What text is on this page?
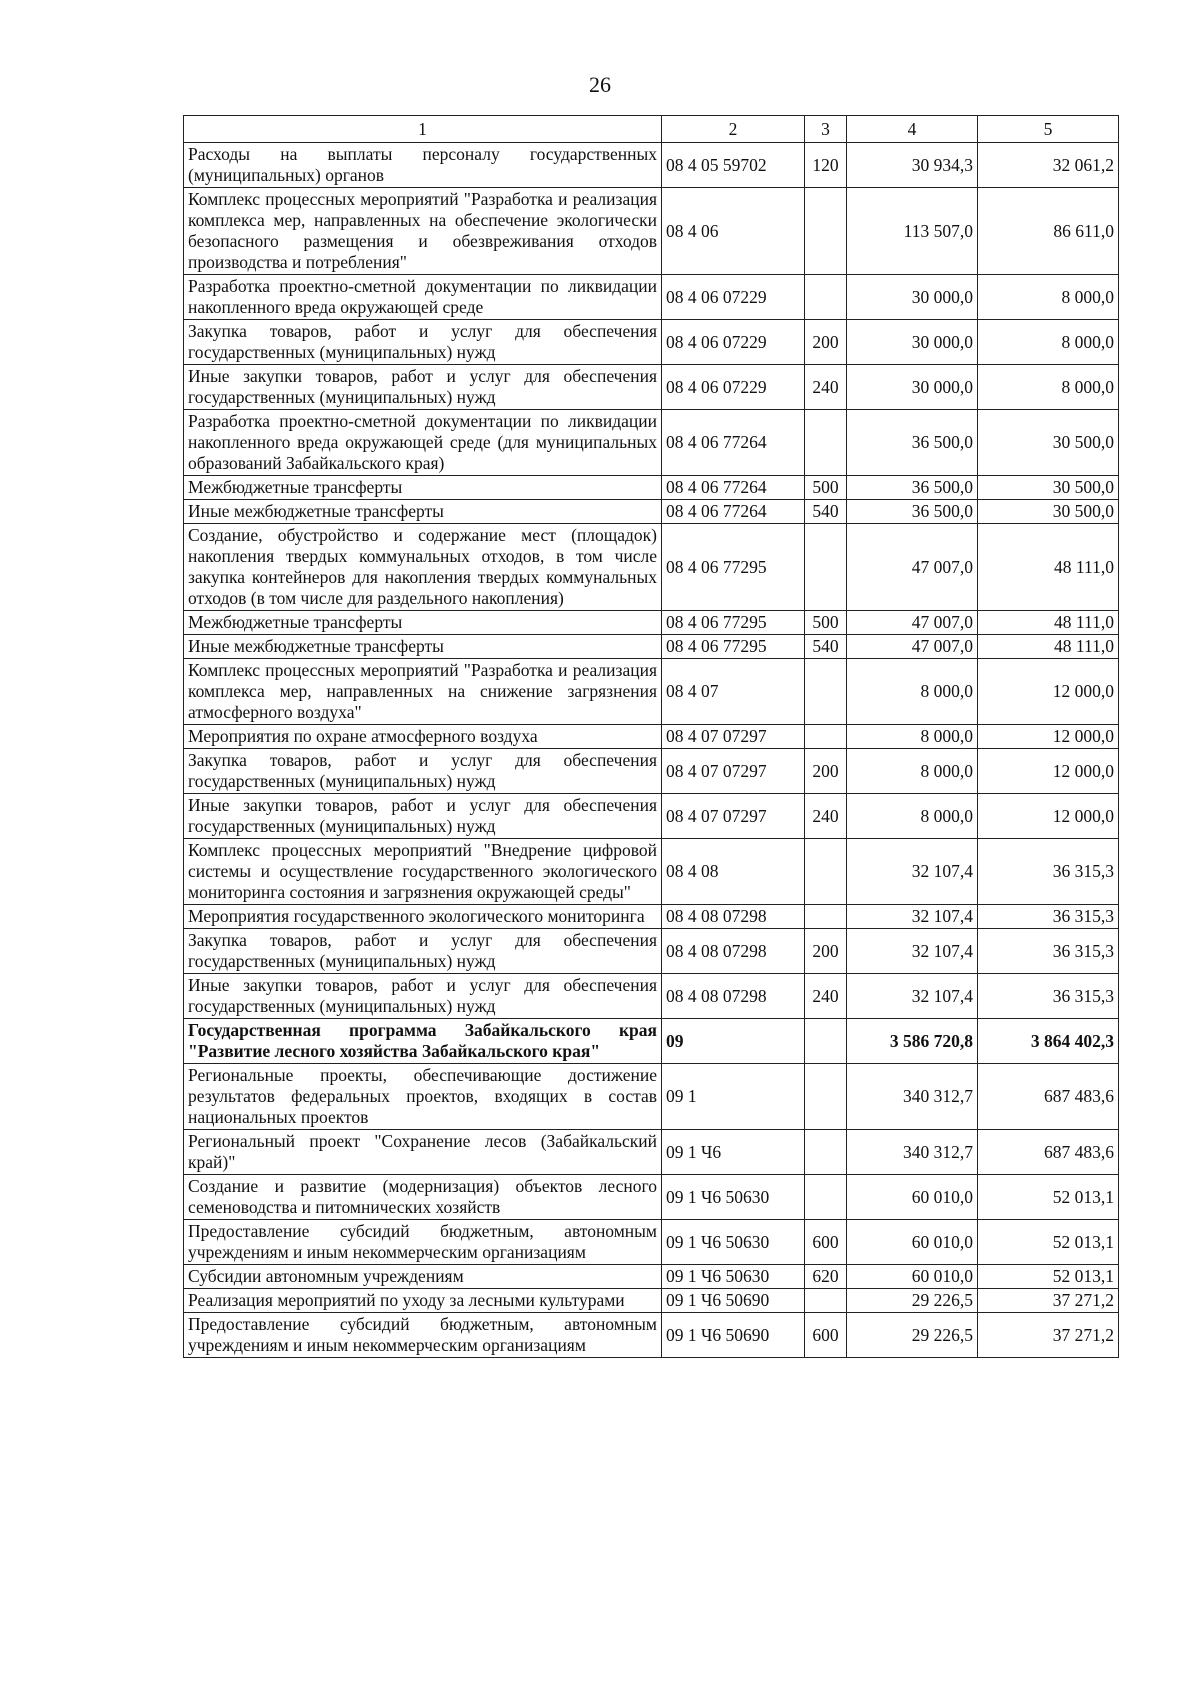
26
1	2	3	4	5
Расходы на выплаты персоналу государственных (муниципальных) органов	08 4 05 59702	120	30 934,3	32 061,2
Комплекс процессных мероприятий "Разработка и реализация комплекса мер, направленных на обеспечение экологически безопасного размещения и обезвреживания отходов производства и потребления"	08 4 06		113 507,0	86 611,0
Разработка проектно-сметной документации по ликвидации накопленного вреда окружающей среде	08 4 06 07229		30 000,0	8 000,0
Закупка товаров, работ и услуг для обеспечения государственных (муниципальных) нужд	08 4 06 07229	200	30 000,0	8 000,0
Иные закупки товаров, работ и услуг для обеспечения государственных (муниципальных) нужд	08 4 06 07229	240	30 000,0	8 000,0
Разработка проектно-сметной документации по ликвидации накопленного вреда окружающей среде (для муниципальных образований Забайкальского края)	08 4 06 77264		36 500,0	30 500,0
Межбюджетные трансферты	08 4 06 77264	500	36 500,0	30 500,0
Иные межбюджетные трансферты	08 4 06 77264	540	36 500,0	30 500,0
Создание, обустройство и содержание мест (площадок) накопления твердых коммунальных отходов, в том числе закупка контейнеров для накопления твердых коммунальных отходов (в том числе для раздельного накопления)	08 4 06 77295		47 007,0	48 111,0
Межбюджетные трансферты	08 4 06 77295	500	47 007,0	48 111,0
Иные межбюджетные трансферты	08 4 06 77295	540	47 007,0	48 111,0
Комплекс процессных мероприятий "Разработка и реализация комплекса мер, направленных на снижение загрязнения атмосферного воздуха"	08 4 07		8 000,0	12 000,0
Мероприятия по охране атмосферного воздуха	08 4 07 07297		8 000,0	12 000,0
Закупка товаров, работ и услуг для обеспечения государственных (муниципальных) нужд	08 4 07 07297	200	8 000,0	12 000,0
Иные закупки товаров, работ и услуг для обеспечения государственных (муниципальных) нужд	08 4 07 07297	240	8 000,0	12 000,0
Комплекс процессных мероприятий "Внедрение цифровой системы и осуществление государственного экологического мониторинга состояния и загрязнения окружающей среды"	08 4 08		32 107,4	36 315,3
Мероприятия государственного экологического мониторинга	08 4 08 07298		32 107,4	36 315,3
Закупка товаров, работ и услуг для обеспечения государственных (муниципальных) нужд	08 4 08 07298	200	32 107,4	36 315,3
Иные закупки товаров, работ и услуг для обеспечения государственных (муниципальных) нужд	08 4 08 07298	240	32 107,4	36 315,3
Государственная программа Забайкальского края "Развитие лесного хозяйства Забайкальского края"	09		3 586 720,8	3 864 402,3
Региональные проекты, обеспечивающие достижение результатов федеральных проектов, входящих в состав национальных проектов	09 1		340 312,7	687 483,6
Региональный проект "Сохранение лесов (Забайкальский край)"	09 1 Ч6		340 312,7	687 483,6
Создание и развитие (модернизация) объектов лесного семеноводства и питомнических хозяйств	09 1 Ч6 50630		60 010,0	52 013,1
Предоставление субсидий бюджетным, автономным учреждениям и иным некоммерческим организациям	09 1 Ч6 50630	600	60 010,0	52 013,1
Субсидии автономным учреждениям	09 1 Ч6 50630	620	60 010,0	52 013,1
Реализация мероприятий по уходу за лесными культурами	09 1 Ч6 50690		29 226,5	37 271,2
Предоставление субсидий бюджетным, автономным учреждениям и иным некоммерческим организациям	09 1 Ч6 50690	600	29 226,5	37 271,2
